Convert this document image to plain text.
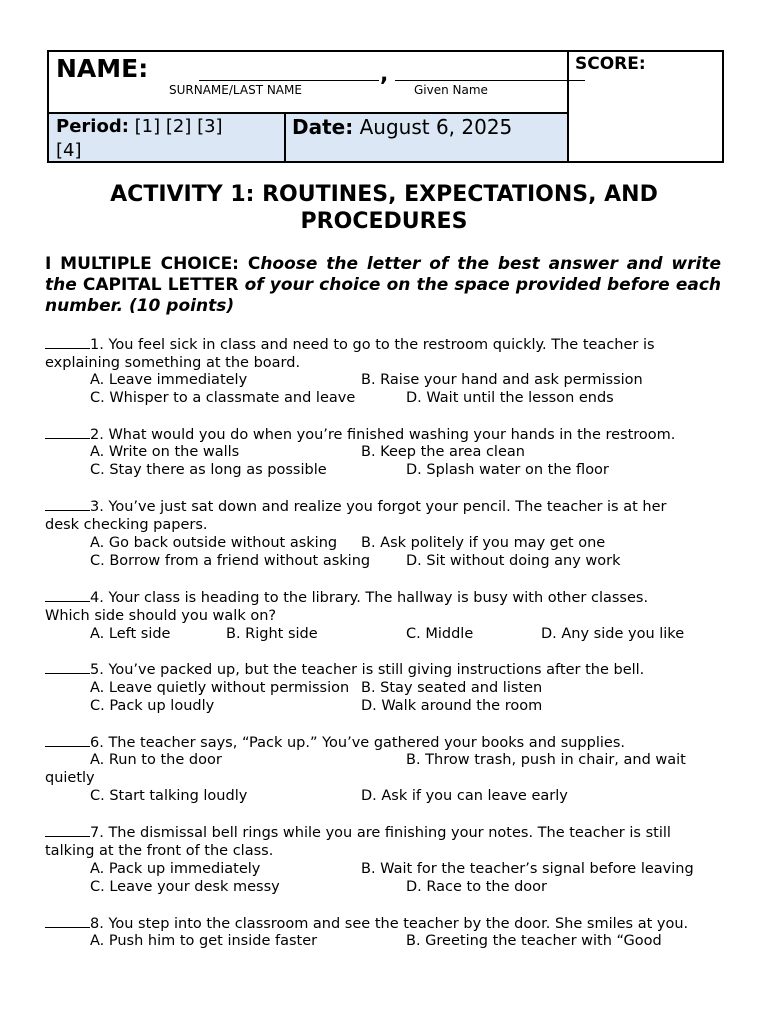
NAME: ,
SURNAME/LAST NAME Given Name		SCORE:

Period: [1] [2] [3]
[4]	Date: August 6, 2025	
ACTIVITY 1: ROUTINES, EXPECTATIONS, AND PROCEDURES
I MULTIPLE CHOICE: Choose the letter of the best answer and write the CAPITAL LETTER of your choice on the space provided before each number. (10 points)
1. You feel sick in class and need to go to the restroom quickly. The teacher is
explaining something at the board.
A. Leave immediately	B. Raise your hand and ask permission
C. Whisper to a classmate and leave	D. Wait until the lesson ends
2. What would you do when you’re finished washing your hands in the restroom.
A. Write on the walls	B. Keep the area clean
C. Stay there as long as possible	D. Splash water on the floor
3. You’ve just sat down and realize you forgot your pencil. The teacher is at her
desk checking papers.
A. Go back outside without asking B. Ask politely if you may get one
C. Borrow from a friend without asking D. Sit without doing any work
4. Your class is heading to the library. The hallway is busy with other classes.
Which side should you walk on?
A. Left side	B. Right side	C. Middle	D. Any side you like
5. You’ve packed up, but the teacher is still giving instructions after the bell.
A. Leave quietly without permission B. Stay seated and listen
C. Pack up loudly	D. Walk around the room
6. The teacher says, “Pack up.” You’ve gathered your books and supplies.
A. Run to the door	B. Throw trash, push in chair, and wait
quietly
C. Start talking loudly	D. Ask if you can leave early
7. The dismissal bell rings while you are finishing your notes. The teacher is still
talking at the front of the class.
A. Pack up immediately	B. Wait for the teacher’s signal before leaving
C. Leave your desk messy	D. Race to the door
8. You step into the classroom and see the teacher by the door. She smiles at you.
A. Push him to get inside faster	B. Greeting the teacher with “Good
